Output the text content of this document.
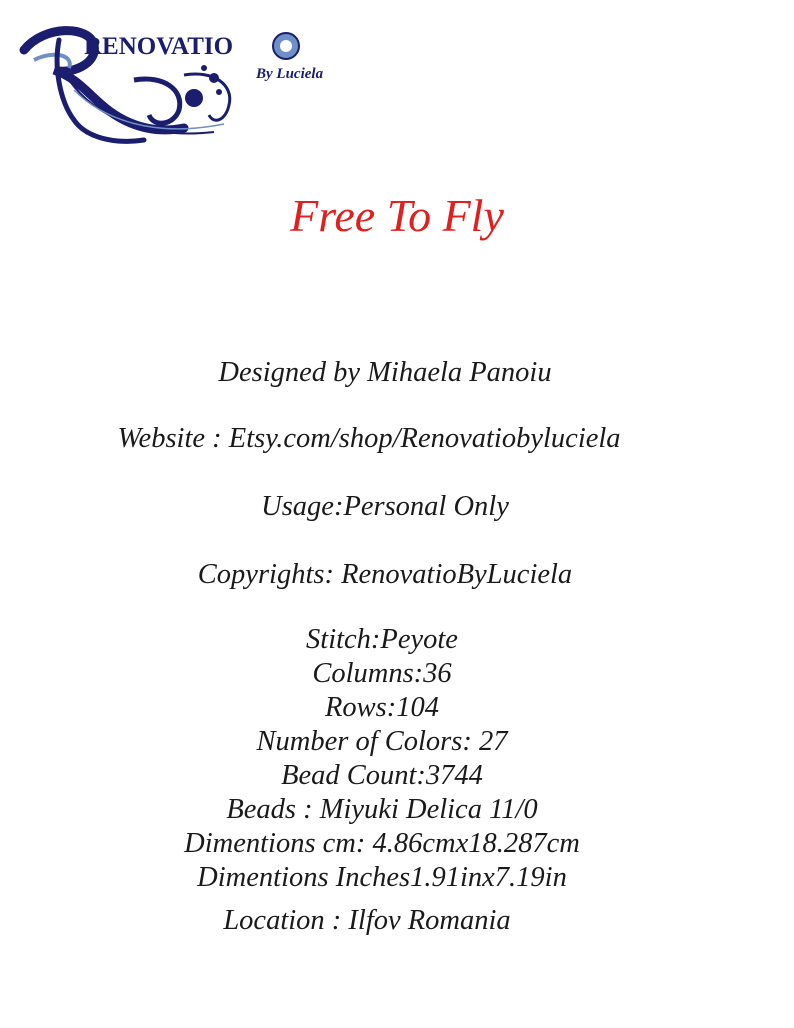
RENOVATIO
By Luciela
Free To Fly

Designed by Mihaela Panoiu

Website : Etsy.com/shop/Renovatiobyluciela

Usage:Personal Only

Copyrights: RenovatioByLuciela

Stitch:Peyote
Columns:36
Rows:104
Number of Colors: 27
Bead Count:3744
Beads : Miyuki Delica 11/0
Dimentions cm: 4.86cmx18.287cm
Dimentions Inches1.91inx7.19in

Location : Ilfov Romania
